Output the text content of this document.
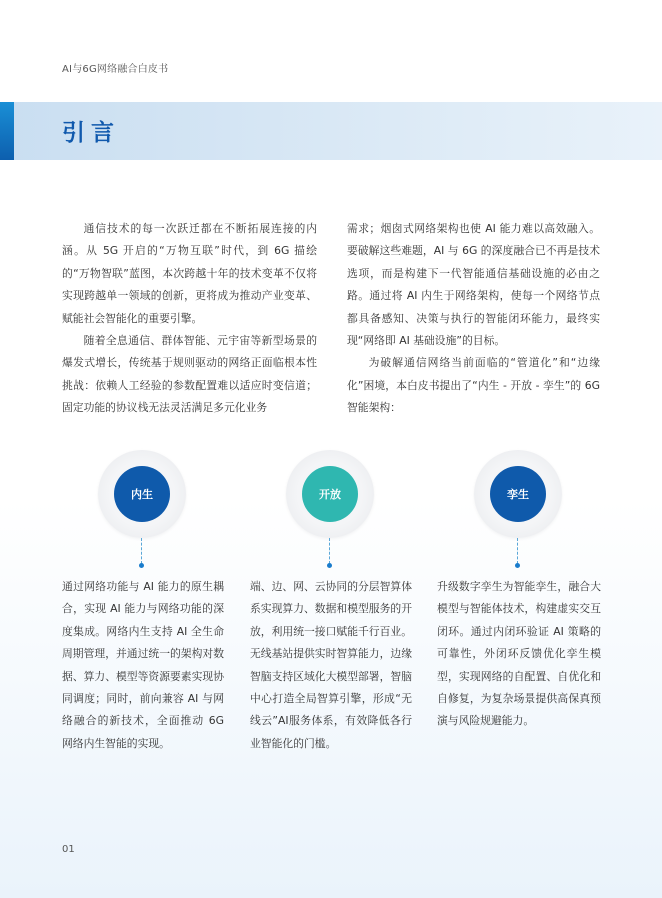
AI与6G网络融合白皮书
引言

通信技术的每一次跃迁都在不断拓展连接的内涵。从 5G 开启的“万物互联”时代，到 6G 描绘的“万物智联”蓝图，本次跨越十年的技术变革不仅将实现跨越单一领域的创新，更将成为推动产业变革、赋能社会智能化的重要引擎。

随着全息通信、群体智能、元宇宙等新型场景的爆发式增长，传统基于规则驱动的网络正面临根本性挑战：依赖人工经验的参数配置难以适应时变信道；固定功能的协议栈无法灵活满足多元化业务

需求；烟囱式网络架构也使 AI 能力难以高效融入。要破解这些难题，AI 与 6G 的深度融合已不再是技术选项，而是构建下一代智能通信基础设施的必由之路。通过将 AI 内生于网络架构，使每一个网络节点都具备感知、决策与执行的智能闭环能力，最终实现“网络即 AI 基础设施”的目标。

为破解通信网络当前面临的“管道化”和“边缘化”困境，本白皮书提出了“内生 - 开放 - 孪生”的 6G 智能架构：

内生	开放	孪生
通过网络功能与 AI 能力的原生耦合，实现 AI 能力与网络功能的深度集成。网络内生支持 AI 全生命周期管理，并通过统一的架构对数据、算力、模型等资源要素实现协同调度；同时，前向兼容 AI 与网络融合的新技术，全面推动 6G 网络内生智能的实现。
端、边、网、云协同的分层智算体系实现算力、数据和模型服务的开放，利用统一接口赋能千行百业。无线基站提供实时智算能力，边缘智脑支持区域化大模型部署，智脑中心打造全局智算引擎，形成“无线云”AI服务体系，有效降低各行业智能化的门槛。
升级数字孪生为智能孪生，融合大模型与智能体技术，构建虚实交互闭环。通过内闭环验证 AI 策略的可靠性，外闭环反馈优化孪生模型，实现网络的自配置、自优化和自修复，为复杂场景提供高保真预演与风险规避能力。
01
